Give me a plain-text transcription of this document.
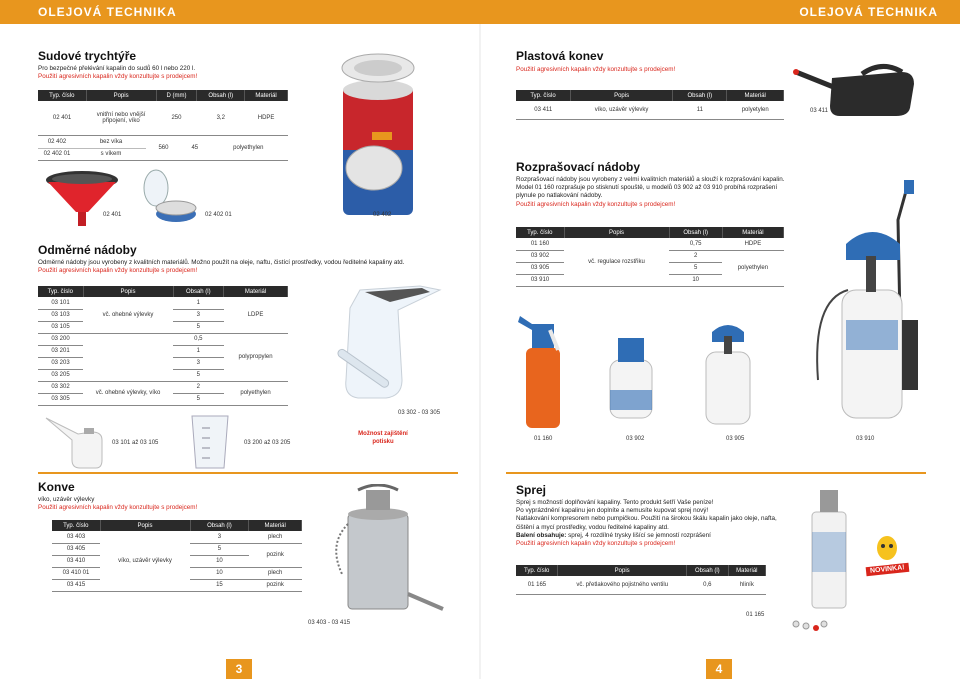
OLEJOVÁ TECHNIKA	OLEJOVÁ TECHNIKA
Sudové trychtýře
Pro bezpečné přelévání kapalin do sudů 60 l nebo 220 l.
Použití agresivních kapalin vždy konzultujte s prodejcem!
Typ. číslo	Popis	D (mm)	Obsah (l)	Materiál
02 401	vnitřní nebo vnější připojení, víko	250	3,2	HDPE
02 402	bez víka	560	45	polyethylen
02 402 01	s víkem			
02 401	02 402 01	02 402
Odměrné nádoby
Odměrné nádoby jsou vyrobeny z kvalitních materiálů. Možno použít na oleje, naftu, čistící prostředky, vodou ředitelné kapaliny atd.
Použití agresivních kapalin vždy konzultujte s prodejcem!
Typ. číslo	Popis	Obsah (l)	Materiál
03 101	vč. ohebné výlevky	1	LDPE
03 103		3	
03 105		5	
03 200		0,5	polypropylen
03 201		1	
03 203		3	
03 205		5	
03 302	vč. ohebné výlevky, víko	2	polyethylen
03 305		5	
03 302 - 03 305
03 101 až 03 105	03 200 až 03 205
Možnost zajištění potisku
Konve
víko, uzávěr výlevky
Použití agresivních kapalin vždy konzultujte s prodejcem!
Typ. číslo	Popis	Obsah (l)	Materiál
03 403	víko, uzávěr výlevky	3	plech
03 405		5	pozink
03 410		10	
03 410 01		10	plech
03 415		15	pozink
03 403 - 03 415
3
Plastová konev
Použití agresivních kapalin vždy konzultujte s prodejcem!
Typ. číslo	Popis	Obsah (l)	Materiál
03 411	víko, uzávěr výlevky	11	polyetylen	03 411
Rozprašovací nádoby
Rozprašovací nádoby jsou vyrobeny z velmi kvalitních materiálů a slouží k rozprašování kapalin.
Model 01 160 rozprašuje po stisknutí spouště, u modelů 03 902 až 03 910 probíhá rozprašení plynule po natlakování nádoby.
Použití agresivních kapalin vždy konzultujte s prodejcem!
Typ. číslo	Popis	Obsah (l)	Materiál
01 160	vč. regulace rozstřiku	0,75	HDPE
03 902		2	polyethylen
03 905		5	
03 910		10	
01 160	03 902	03 905	03 910
Sprej
Sprej s možností doplňování kapaliny. Tento produkt šetří Vaše peníze!
Po vyprázdnění kapalinu jen doplníte a nemusíte kupovat sprej nový!
Natlakování kompresorem nebo pumpičkou. Použití na širokou škálu kapalin jako oleje, nafta, čištění a mycí prostředky, vodou ředitelné kapaliny atd.
Balení obsahuje: sprej, 4 rozdílné trysky lišící se jemností rozprášení
Použití agresivních kapalin vždy konzultujte s prodejcem!
Typ. číslo	Popis	Obsah (l)	Materiál
01 165	vč. přetlakového pojistného ventilu	0,6	hliník
NOVINKA!
01 165
4
